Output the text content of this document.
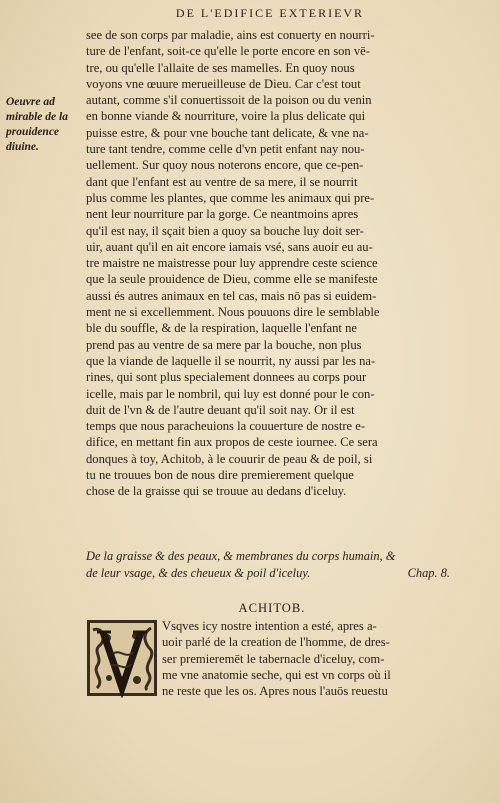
DE L'EDIFICE EXTERIEVR
Oeuvre ad
mirable de la
prouidence
diuine.
see de son corps par maladie, ains est conuerty en nourri-
ture de l'enfant, soit-ce qu'elle le porte encore en son vē-
tre, ou qu'elle l'allaite de ses mamelles. En quoy nous
voyons vne œuure merueilleuse de Dieu. Car c'est tout
autant, comme s'il conuertissoit de la poison ou du venin
en bonne viande & nourriture, voire la plus delicate qui
puisse estre, & pour vne bouche tant delicate, & vne na-
ture tant tendre, comme celle d'vn petit enfant nay nou-
uellement. Sur quoy nous noterons encore, que ce-pen-
dant que l'enfant est au ventre de sa mere, il se nourrit
plus comme les plantes, que comme les animaux qui pre-
nent leur nourriture par la gorge. Ce neantmoins apres
qu'il est nay, il sçait bien a quoy sa bouche luy doit ser-
uir, auant qu'il en ait encore iamais vsé, sans auoir eu au-
tre maistre ne maistresse pour luy apprendre ceste science
que la seule prouidence de Dieu, comme elle se manifeste
aussi és autres animaux en tel cas, mais nō pas si euidem-
ment ne si excellemment. Nous pouuons dire le semblable
ble du souffle, & de la respiration, laquelle l'enfant ne
prend pas au ventre de sa mere par la bouche, non plus
que la viande de laquelle il se nourrit, ny aussi par les na-
rines, qui sont plus specialement donnees au corps pour
icelle, mais par le nombril, qui luy est donné pour le con-
duit de l'vn & de l'autre deuant qu'il soit nay. Or il est
temps que nous paracheuions la couuerture de nostre e-
difice, en mettant fin aux propos de ceste iournee. Ce sera
donques à toy, Achitob, à le couurir de peau & de poil, si
tu ne trouues bon de nous dire premierement quelque
chose de la graisse qui se trouue au dedans d'iceluy.
De la graisse & des peaux, & membranes du corps humain, &
de leur vsage, & des cheueux & poil d'iceluy.	Chap. 8.
ACHITOB.
Vsqves icy nostre intention a esté, apres a-
uoir parlé de la creation de l'homme, de dres-
ser premieremēt le tabernacle d'iceluy, com-
me vne anatomie seche, qui est vn corps où il
ne reste que les os. Apres nous l'auōs reuestu
